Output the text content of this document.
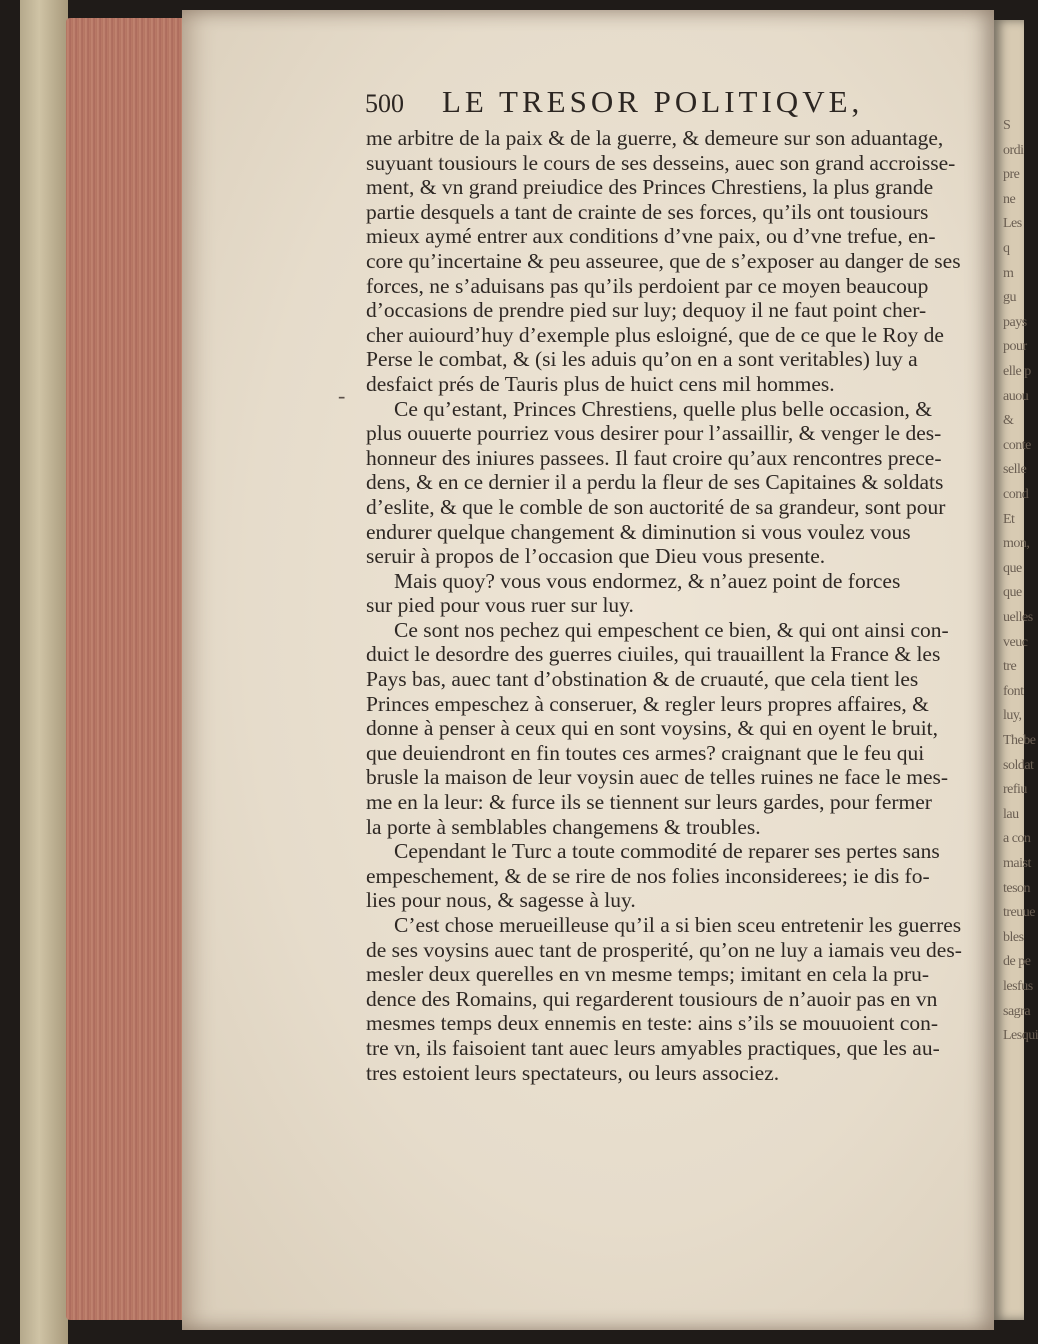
S
ordi
pre
ne
Les
q
m
gu
pays
pour
elle p
auou
&
conte
selle
cond
Et
mon,
que
que
uelles
veuc
tre
font
luy,
Thebe
soldat
refiu
lau
a con
maist
teson
treuue
bles
de pe
lesfus
sagra
Lesqui
500 LE TRESOR POLITIQVE,
-
me arbitre de la paix & de la guerre, & demeure sur son aduantage,
suyuant tousiours le cours de ses desseins, auec son grand accroisse-
ment, & vn grand preiudice des Princes Chrestiens, la plus grande
partie desquels a tant de crainte de ses forces, qu’ils ont tousiours
mieux aymé entrer aux conditions d’vne paix, ou d’vne trefue, en-
core qu’incertaine & peu asseuree, que de s’exposer au danger de ses
forces, ne s’aduisans pas qu’ils perdoient par ce moyen beaucoup
d’occasions de prendre pied sur luy; dequoy il ne faut point cher-
cher auiourd’huy d’exemple plus esloigné, que de ce que le Roy de
Perse le combat, & (si les aduis qu’on en a sont veritables) luy a
desfaict prés de Tauris plus de huict cens mil hommes.
Ce qu’estant, Princes Chrestiens, quelle plus belle occasion, &
plus ouuerte pourriez vous desirer pour l’assaillir, & venger le des-
honneur des iniures passees. Il faut croire qu’aux rencontres prece-
dens, & en ce dernier il a perdu la fleur de ses Capitaines & soldats
d’eslite, & que le comble de son auctorité de sa grandeur, sont pour
endurer quelque changement & diminution si vous voulez vous
seruir à propos de l’occasion que Dieu vous presente.
Mais quoy? vous vous endormez, & n’auez point de forces
sur pied pour vous ruer sur luy.
Ce sont nos pechez qui empeschent ce bien, & qui ont ainsi con-
duict le desordre des guerres ciuiles, qui trauaillent la France & les
Pays bas, auec tant d’obstination & de cruauté, que cela tient les
Princes empeschez à conseruer, & regler leurs propres affaires, &
donne à penser à ceux qui en sont voysins, & qui en oyent le bruit,
que deuiendront en fin toutes ces armes? craignant que le feu qui
brusle la maison de leur voysin auec de telles ruines ne face le mes-
me en la leur: & furce ils se tiennent sur leurs gardes, pour fermer
la porte à semblables changemens & troubles.
Cependant le Turc a toute commodité de reparer ses pertes sans
empeschement, & de se rire de nos folies inconsiderees; ie dis fo-
lies pour nous, & sagesse à luy.
C’est chose merueilleuse qu’il a si bien sceu entretenir les guerres
de ses voysins auec tant de prosperité, qu’on ne luy a iamais veu des-
mesler deux querelles en vn mesme temps; imitant en cela la pru-
dence des Romains, qui regarderent tousiours de n’auoir pas en vn
mesmes temps deux ennemis en teste: ains s’ils se mouuoient con-
tre vn, ils faisoient tant auec leurs amyables practiques, que les au-
tres estoient leurs spectateurs, ou leurs associez.
